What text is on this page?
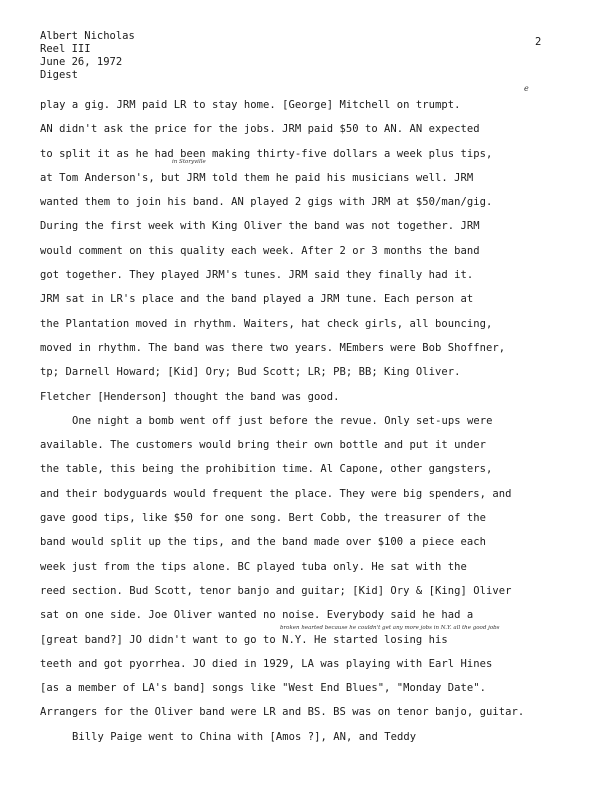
Albert Nicholas
Reel III
June 26, 1972
Digest
2
play a gig. JRM paid LR to stay home. [George] Mitchell on trumpt.
AN didn't ask the price for the jobs. JRM paid $50 to AN. AN expected
to split it as he had been making thirty-five dollars a week plus tips,
at Tom Anderson's, but JRM told them he paid his musicians well. JRM
wanted them to join his band. AN played 2 gigs with JRM at $50/man/gig.
During the first week with King Oliver the band was not together. JRM
would comment on this quality each week. After 2 or 3 months the band
got together. They played JRM's tunes. JRM said they finally had it.
JRM sat in LR's place and the band played a JRM tune. Each person at
the Plantation moved in rhythm. Waiters, hat check girls, all bouncing,
moved in rhythm. The band was there two years. MEmbers were Bob Shoffner,
tp; Darnell Howard; [Kid] Ory; Bud Scott; LR; PB; BB; King Oliver.
Fletcher [Henderson] thought the band was good.
One night a bomb went off just before the revue. Only set-ups were
available. The customers would bring their own bottle and put it under
the table, this being the prohibition time. Al Capone, other gangsters,
and their bodyguards would frequent the place. They were big spenders, and
gave good tips, like $50 for one song. Bert Cobb, the treasurer of the
band would split up the tips, and the band made over $100 a piece each
week just from the tips alone. BC played tuba only. He sat with the
reed section. Bud Scott, tenor banjo and guitar; [Kid] Ory & [King] Oliver
sat on one side. Joe Oliver wanted no noise. Everybody said he had a
[great band?] JO didn't want to go to N.Y. He started losing his
teeth and got pyorrhea. JO died in 1929, LA was playing with Earl Hines
[as a member of LA's band] songs like "West End Blues", "Monday Date".
Arrangers for the Oliver band were LR and BS. BS was on tenor banjo, guitar.
Billy Paige went to China with [Amos ?], AN, and Teddy
in Storyville
broken hearted because he couldn't get any more jobs in N.Y. all the good jobs
e
